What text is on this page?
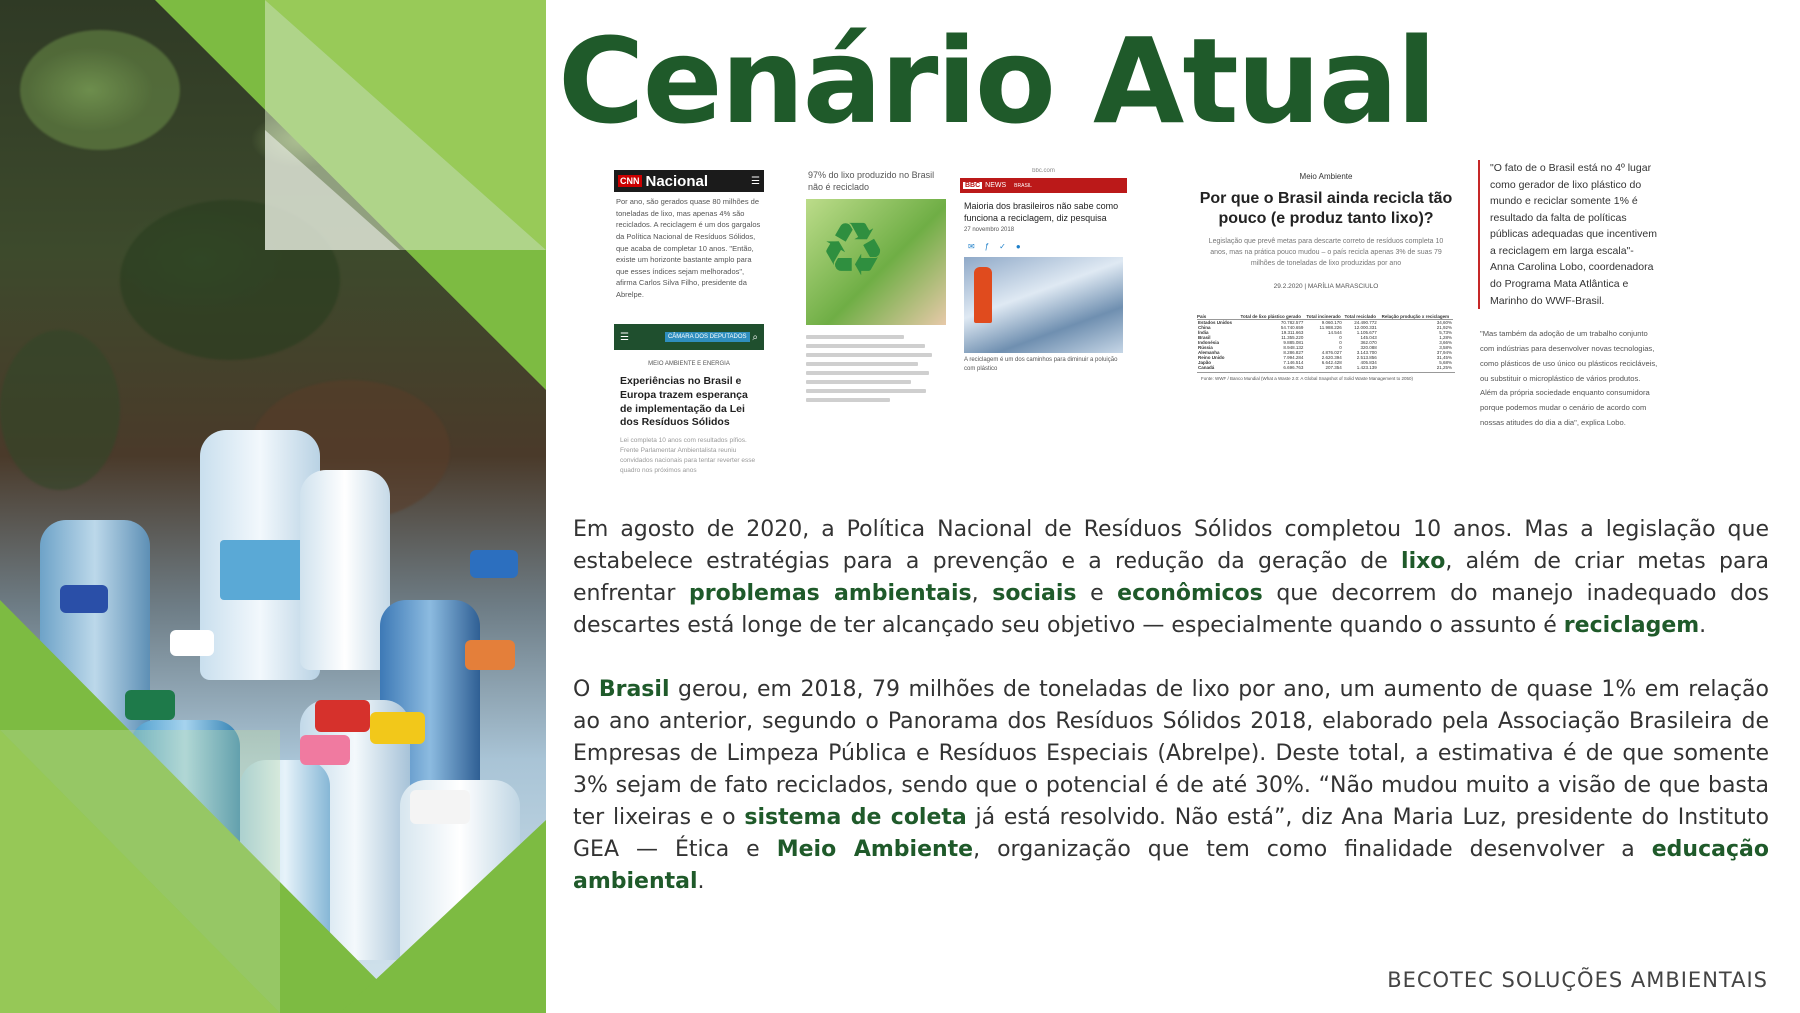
Cenário Atual
CNN Nacional	☰
Por ano, são gerados quase 80 milhões de toneladas de lixo, mas apenas 4% são reciclados. A reciclagem é um dos gargalos da Política Nacional de Resíduos Sólidos, que acaba de completar 10 anos. "Então, existe um horizonte bastante amplo para que esses índices sejam melhorados", afirma Carlos Silva Filho, presidente da Abrelpe.
☰	CÂMARA DOS DEPUTADOS ⌕
MEIO AMBIENTE E ENERGIA
Experiências no Brasil e Europa trazem esperança de implementação da Lei dos Resíduos Sólidos
Lei completa 10 anos com resultados pífios. Frente Parlamentar Ambientalista reuniu convidados nacionais para tentar reverter esse quadro nos próximos anos
97% do lixo produzido no Brasil não é reciclado
♻
bbc.com
BBC NEWS BRASIL
Maioria dos brasileiros não sabe como funciona a reciclagem, diz pesquisa
27 novembro 2018
✉ƒ✓●
A reciclagem é um dos caminhos para diminuir a poluição com plástico
Meio Ambiente
Por que o Brasil ainda recicla tão pouco (e produz tanto lixo)?
Legislação que prevê metas para descarte correto de resíduos completa 10 anos, mas na prática pouco mudou – o país recicla apenas 3% de suas 79 milhões de toneladas de lixo produzidas por ano
29.2.2020 | MARÍLIA MARASCIULO
País	Total de lixo plástico gerado	Total incinerado	Total reciclado	Relação produção x reciclagem
Estados Unidos	70.782.577	9.060.170	24.490.772	34,60%
China	54.740.659	11.988.226	12.000.331	21,92%
Índia	19.311.663	14.544	1.105.677	5,73%
Brasil	11.355.220	0	145.043	1,28%
Indonésia	9.885.081	0	362.070	3,66%
Rússia	8.948.132	0	320.088	3,58%
Alemanha	8.286.827	4.876.027	3.143.700	37,94%
Reino Unido	7.994.284	2.620.394	2.513.856	31,45%
Japão	7.146.514	6.642.428	405.834	5,68%
Canadá	6.696.763	207.354	1.423.139	21,25%
Fonte: WWF / Banco Mundial (What a Waste 2.0: A Global Snapshot of Solid Waste Management to 2050)
"O fato de o Brasil está no 4º lugar como gerador de lixo plástico do mundo e reciclar somente 1% é resultado da falta de políticas públicas adequadas que incentivem a reciclagem em larga escala"- Anna Carolina Lobo, coordenadora do Programa Mata Atlântica e Marinho do WWF-Brasil.
"Mas também da adoção de um trabalho conjunto com indústrias para desenvolver novas tecnologias, como plásticos de uso único ou plásticos recicláveis, ou substituir o microplástico de vários produtos. Além da própria sociedade enquanto consumidora porque podemos mudar o cenário de acordo com nossas atitudes do dia a dia", explica Lobo.

Em agosto de 2020, a Política Nacional de Resíduos Sólidos completou 10 anos. Mas a legislação que estabelece estratégias para a prevenção e a redução da geração de lixo, além de criar metas para enfrentar problemas ambientais, sociais e econômicos que decorrem do manejo inadequado dos descartes está longe de ter alcançado seu objetivo — especialmente quando o assunto é reciclagem.

O Brasil gerou, em 2018, 79 milhões de toneladas de lixo por ano, um aumento de quase 1% em relação ao ano anterior, segundo o Panorama dos Resíduos Sólidos 2018, elaborado pela Associação Brasileira de Empresas de Limpeza Pública e Resíduos Especiais (Abrelpe). Deste total, a estimativa é de que somente 3% sejam de fato reciclados, sendo que o potencial é de até 30%. “Não mudou muito a visão de que basta ter lixeiras e o sistema de coleta já está resolvido. Não está”, diz Ana Maria Luz, presidente do Instituto GEA — Ética e Meio Ambiente, organização que tem como finalidade desenvolver a educação ambiental.

BECOTEC SOLUÇÕES AMBIENTAIS
